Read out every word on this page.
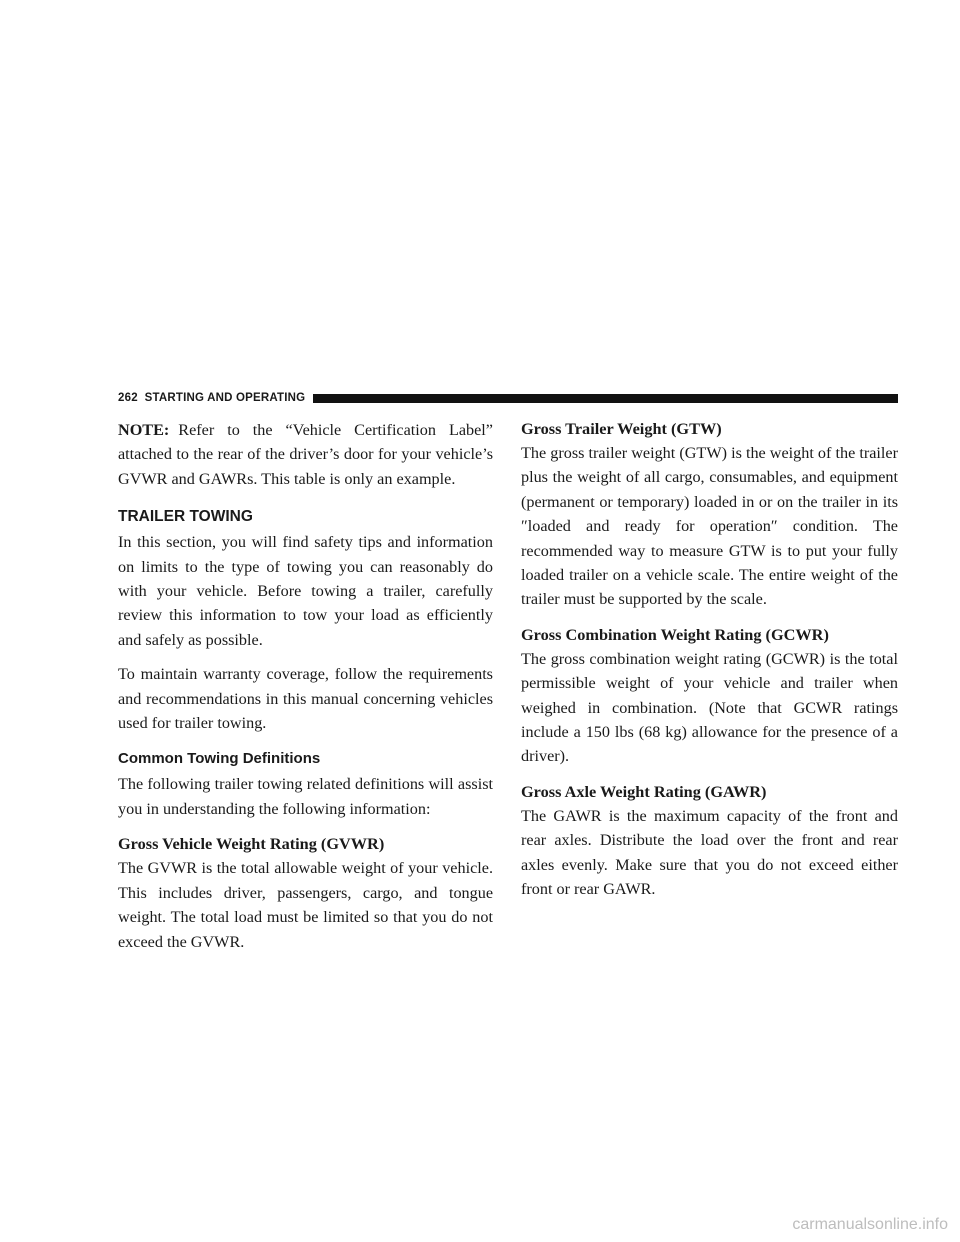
262 STARTING AND OPERATING

NOTE: Refer to the “Vehicle Certification Label” attached to the rear of the driver’s door for your vehicle’s GVWR and GAWRs. This table is only an example.

TRAILER TOWING

In this section, you will find safety tips and information on limits to the type of towing you can reasonably do with your vehicle. Before towing a trailer, carefully review this information to tow your load as efficiently and safely as possible.

To maintain warranty coverage, follow the requirements and recommendations in this manual concerning vehicles used for trailer towing.

Common Towing Definitions

The following trailer towing related definitions will assist you in understanding the following information:

Gross Vehicle Weight Rating (GVWR)

The GVWR is the total allowable weight of your vehicle. This includes driver, passengers, cargo, and tongue weight. The total load must be limited so that you do not exceed the GVWR.

Gross Trailer Weight (GTW)

The gross trailer weight (GTW) is the weight of the trailer plus the weight of all cargo, consumables, and equipment (permanent or temporary) loaded in or on the trailer in its ″loaded and ready for operation″ condition. The recommended way to measure GTW is to put your fully loaded trailer on a vehicle scale. The entire weight of the trailer must be supported by the scale.

Gross Combination Weight Rating (GCWR)

The gross combination weight rating (GCWR) is the total permissible weight of your vehicle and trailer when weighed in combination. (Note that GCWR ratings include a 150 lbs (68 kg) allowance for the presence of a driver).

Gross Axle Weight Rating (GAWR)

The GAWR is the maximum capacity of the front and rear axles. Distribute the load over the front and rear axles evenly. Make sure that you do not exceed either front or rear GAWR.

carmanualsonline.info
